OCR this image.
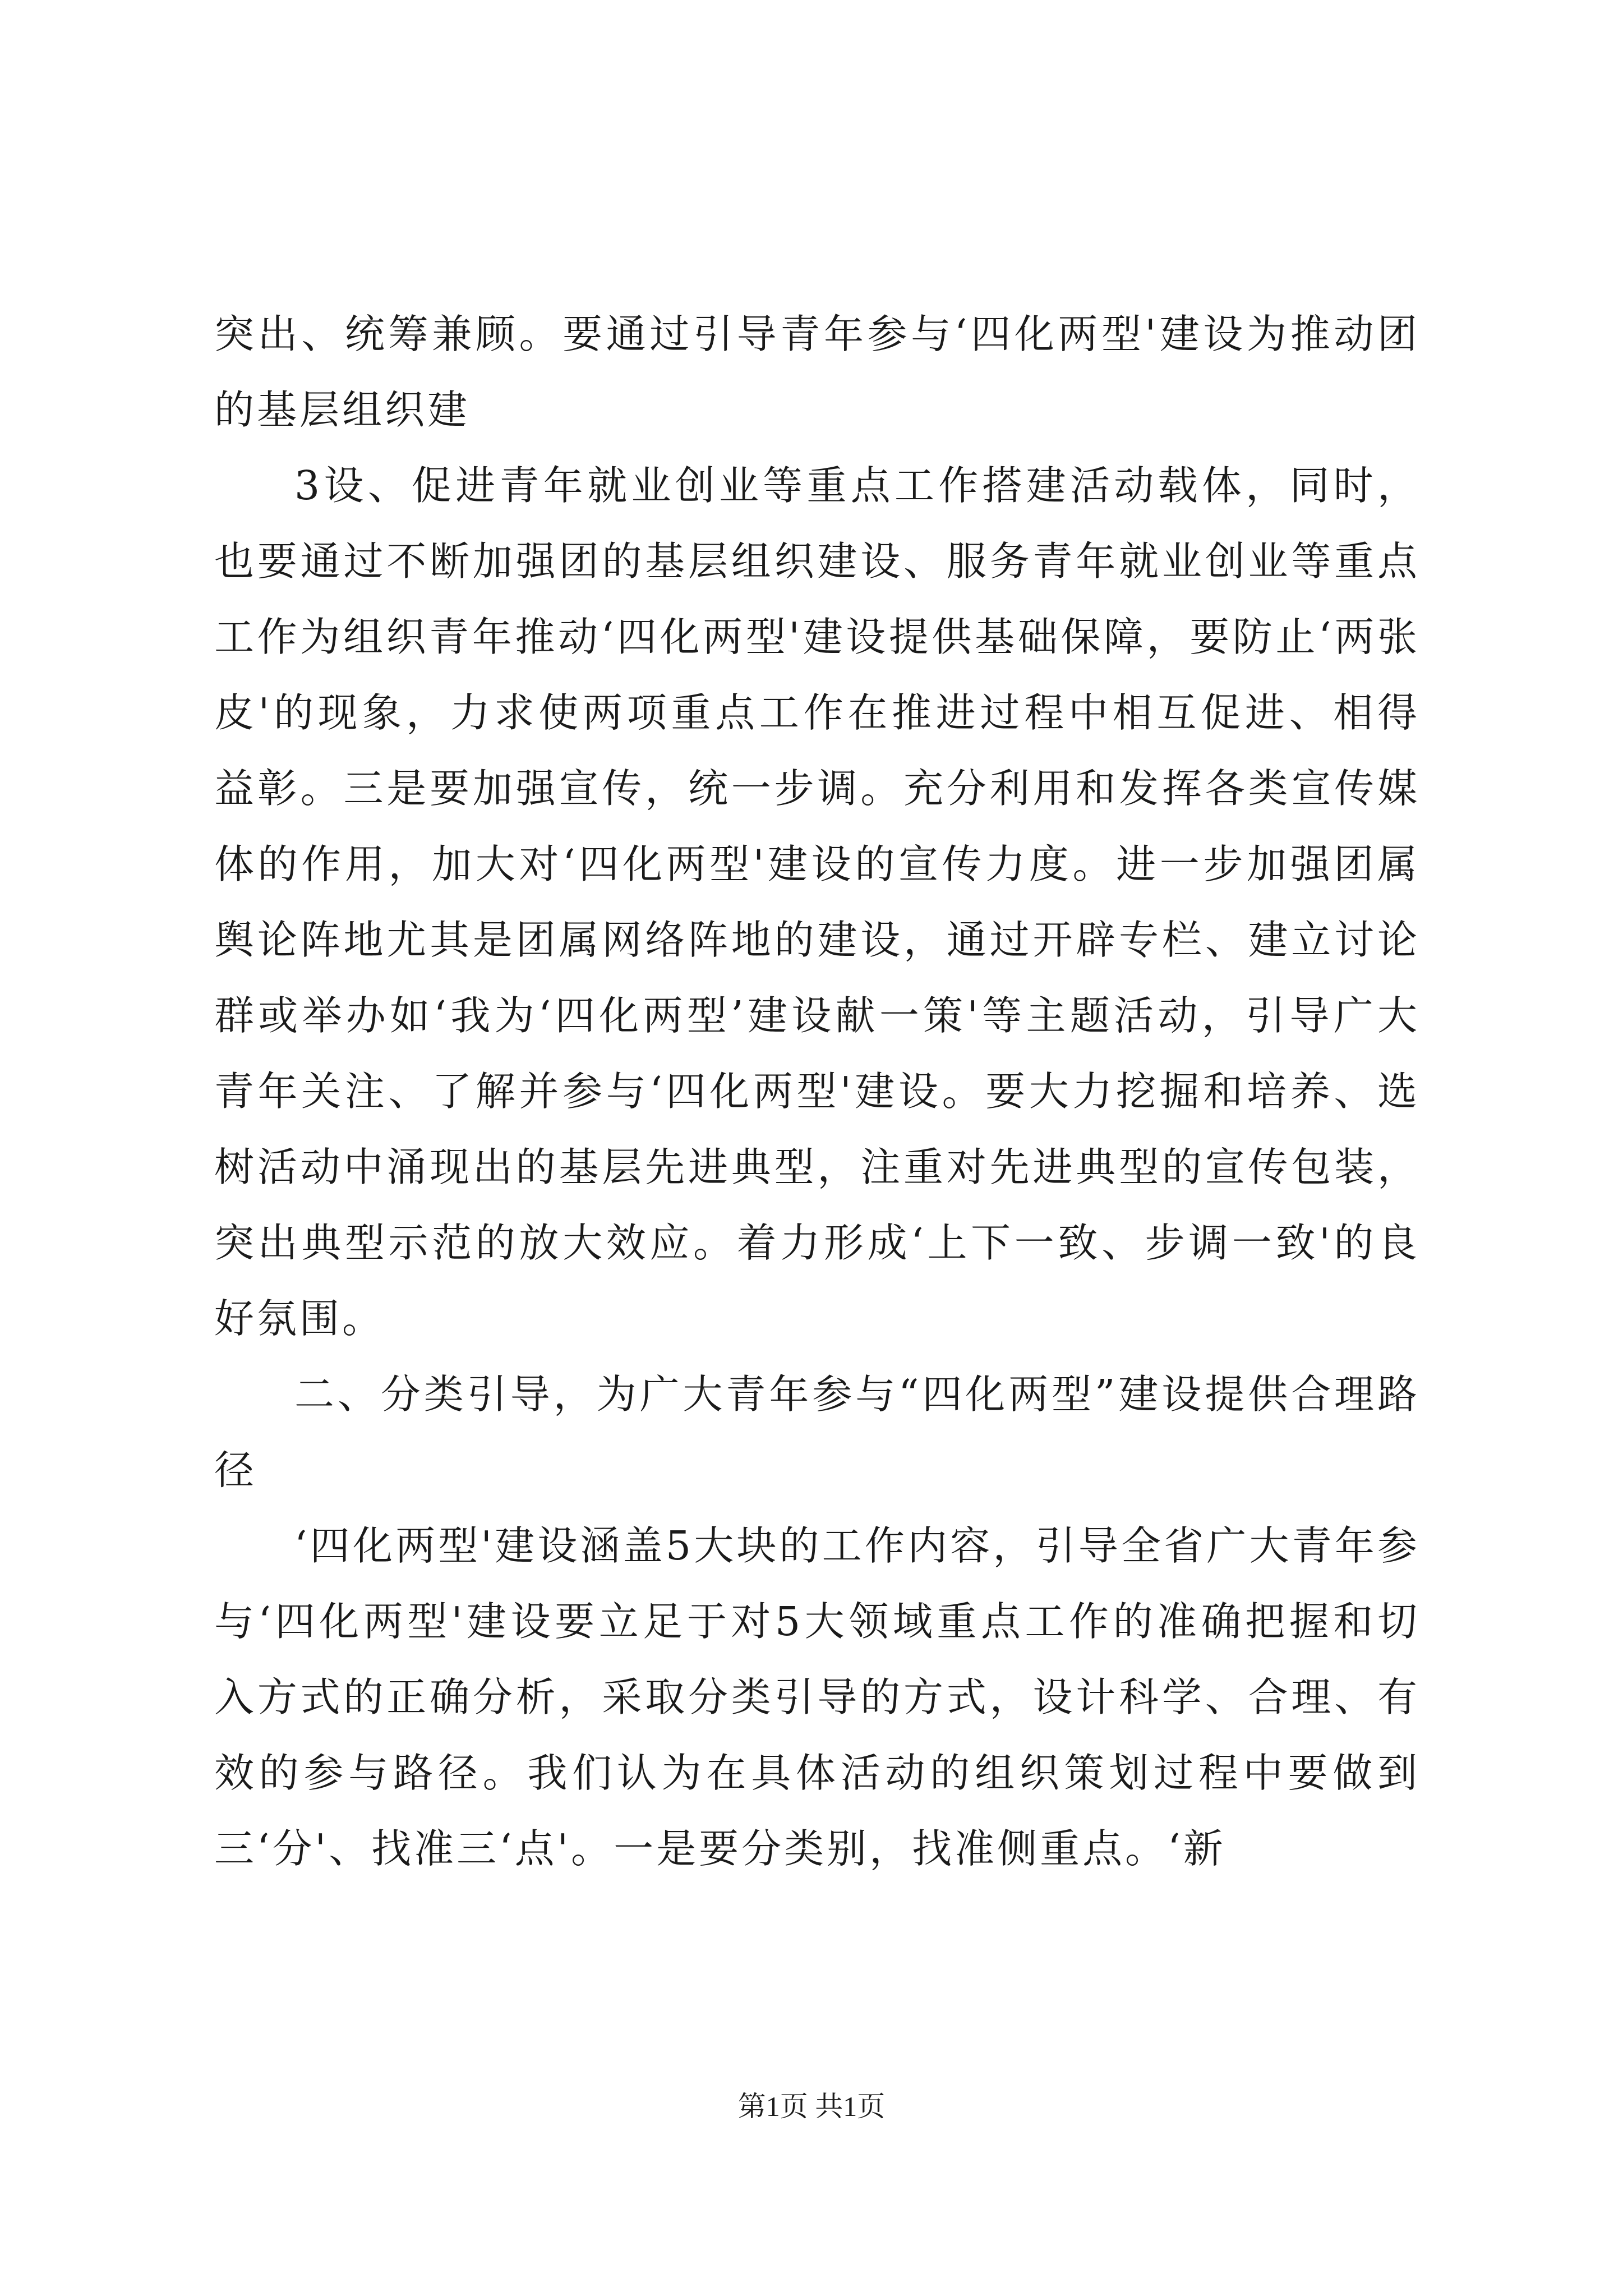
突出、统筹兼顾。要通过引导青年参与‘四化两型'建设为推动团的基层组织建

3设、促进青年就业创业等重点工作搭建活动载体，同时，也要通过不断加强团的基层组织建设、服务青年就业创业等重点工作为组织青年推动‘四化两型'建设提供基础保障，要防止‘两张皮'的现象，力求使两项重点工作在推进过程中相互促进、相得益彰。三是要加强宣传，统一步调。充分利用和发挥各类宣传媒体的作用，加大对‘四化两型'建设的宣传力度。进一步加强团属舆论阵地尤其是团属网络阵地的建设，通过开辟专栏、建立讨论群或举办如‘我为‘四化两型’建设献一策'等主题活动，引导广大青年关注、了解并参与‘四化两型'建设。要大力挖掘和培养、选树活动中涌现出的基层先进典型，注重对先进典型的宣传包装，突出典型示范的放大效应。着力形成‘上下一致、步调一致'的良好氛围。

二、分类引导，为广大青年参与“四化两型”建设提供合理路径

‘四化两型'建设涵盖5大块的工作内容，引导全省广大青年参与‘四化两型'建设要立足于对5大领域重点工作的准确把握和切入方式的正确分析，采取分类引导的方式，设计科学、合理、有效的参与路径。我们认为在具体活动的组织策划过程中要做到三‘分'、找准三‘点'。一是要分类别，找准侧重点。‘新

第1页 共1页
